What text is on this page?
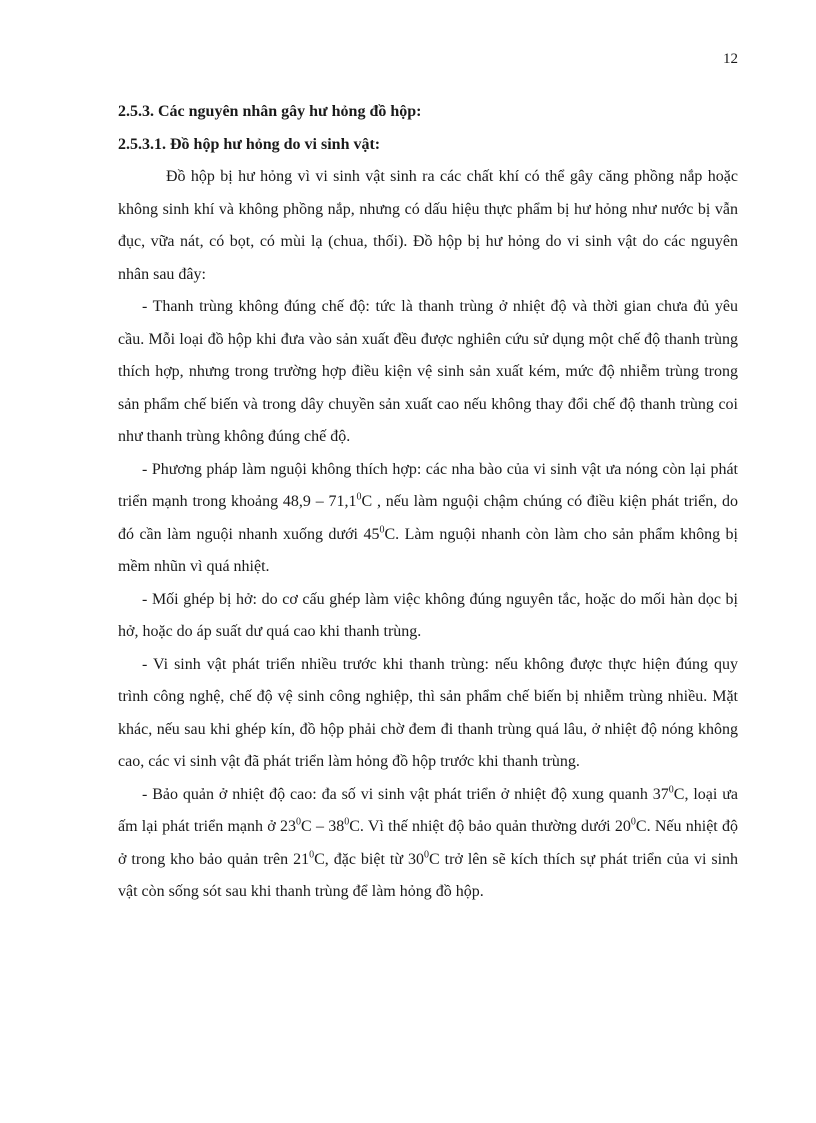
12

2.5.3. Các nguyên nhân gây hư hỏng đồ hộp:

2.5.3.1. Đồ hộp hư hỏng do vi sinh vật:

Đồ hộp bị hư hỏng vì vi sinh vật sinh ra các chất khí có thể gây căng phồng nắp hoặc không sinh khí và không phồng nắp, nhưng có dấu hiệu thực phẩm bị hư hỏng như nước bị vẫn đục, vữa nát, có bọt, có mùi lạ (chua, thối). Đồ hộp bị hư hỏng do vi sinh vật do các nguyên nhân sau đây:

- Thanh trùng không đúng chế độ: tức là thanh trùng ở nhiệt độ và thời gian chưa đủ yêu cầu. Mỗi loại đồ hộp khi đưa vào sản xuất đều được nghiên cứu sử dụng một chế độ thanh trùng thích hợp, nhưng trong trường hợp điều kiện vệ sinh sản xuất kém, mức độ nhiễm trùng trong sản phẩm chế biến và trong dây chuyền sản xuất cao nếu không thay đổi chế độ thanh trùng coi như thanh trùng không đúng chế độ.

- Phương pháp làm nguội không thích hợp: các nha bào của vi sinh vật ưa nóng còn lại phát triển mạnh trong khoảng 48,9 – 71,1$^0$C , nếu làm nguội chậm chúng có điều kiện phát triển, do đó cần làm nguội nhanh xuống dưới $45^0C$. Làm nguội nhanh còn làm cho sản phẩm không bị mềm nhũn vì quá nhiệt.

- Mối ghép bị hở: do cơ cấu ghép làm việc không đúng nguyên tắc, hoặc do mối hàn dọc bị hở, hoặc do áp suất dư quá cao khi thanh trùng.

- Vi sinh vật phát triển nhiều trước khi thanh trùng: nếu không được thực hiện đúng quy trình công nghệ, chế độ vệ sinh công nghiệp, thì sản phẩm chế biến bị nhiễm trùng nhiều. Mặt khác, nếu sau khi ghép kín, đồ hộp phải chờ đem đi thanh trùng quá lâu, ở nhiệt độ nóng không cao, các vi sinh vật đã phát triển làm hỏng đồ hộp trước khi thanh trùng.

- Bảo quản ở nhiệt độ cao: đa số vi sinh vật phát triển ở nhiệt độ xung quanh $37^0C$, loại ưa ấm lại phát triển mạnh ở $23^0C - 38^0C$. Vì thế nhiệt độ bảo quản thường dưới $20^0C$. Nếu nhiệt độ ở trong kho bảo quản trên $21^0C$, đặc biệt từ $30^0C$ trở lên sẽ kích thích sự phát triển của vi sinh vật còn sống sót sau khi thanh trùng để làm hỏng đồ hộp.
